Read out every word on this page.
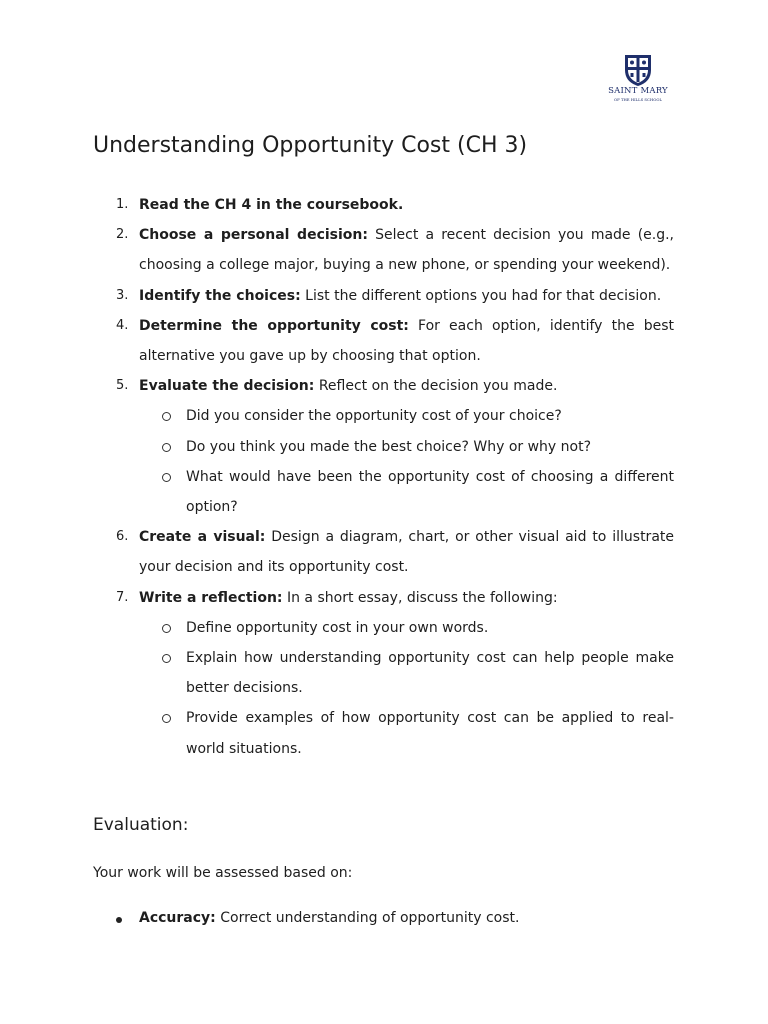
SAINT MARY
OF THE HILLS SCHOOL
Understanding Opportunity Cost (CH 3)
1. Read the CH 4 in the coursebook.
2. Choose a personal decision: Select a recent decision you made (e.g., choosing a college major, buying a new phone, or spending your weekend).
3. Identify the choices: List the different options you had for that decision.
4. Determine the opportunity cost: For each option, identify the best alternative you gave up by choosing that option.
5. Evaluate the decision: Reflect on the decision you made.
Did you consider the opportunity cost of your choice?
Do you think you made the best choice? Why or why not?
What would have been the opportunity cost of choosing a different option?
6. Create a visual: Design a diagram, chart, or other visual aid to illustrate your decision and its opportunity cost.
7. Write a reflection: In a short essay, discuss the following:
Define opportunity cost in your own words.
Explain how understanding opportunity cost can help people make better decisions.
Provide examples of how opportunity cost can be applied to real-world situations.
Evaluation:
Your work will be assessed based on:
Accuracy: Correct understanding of opportunity cost.
